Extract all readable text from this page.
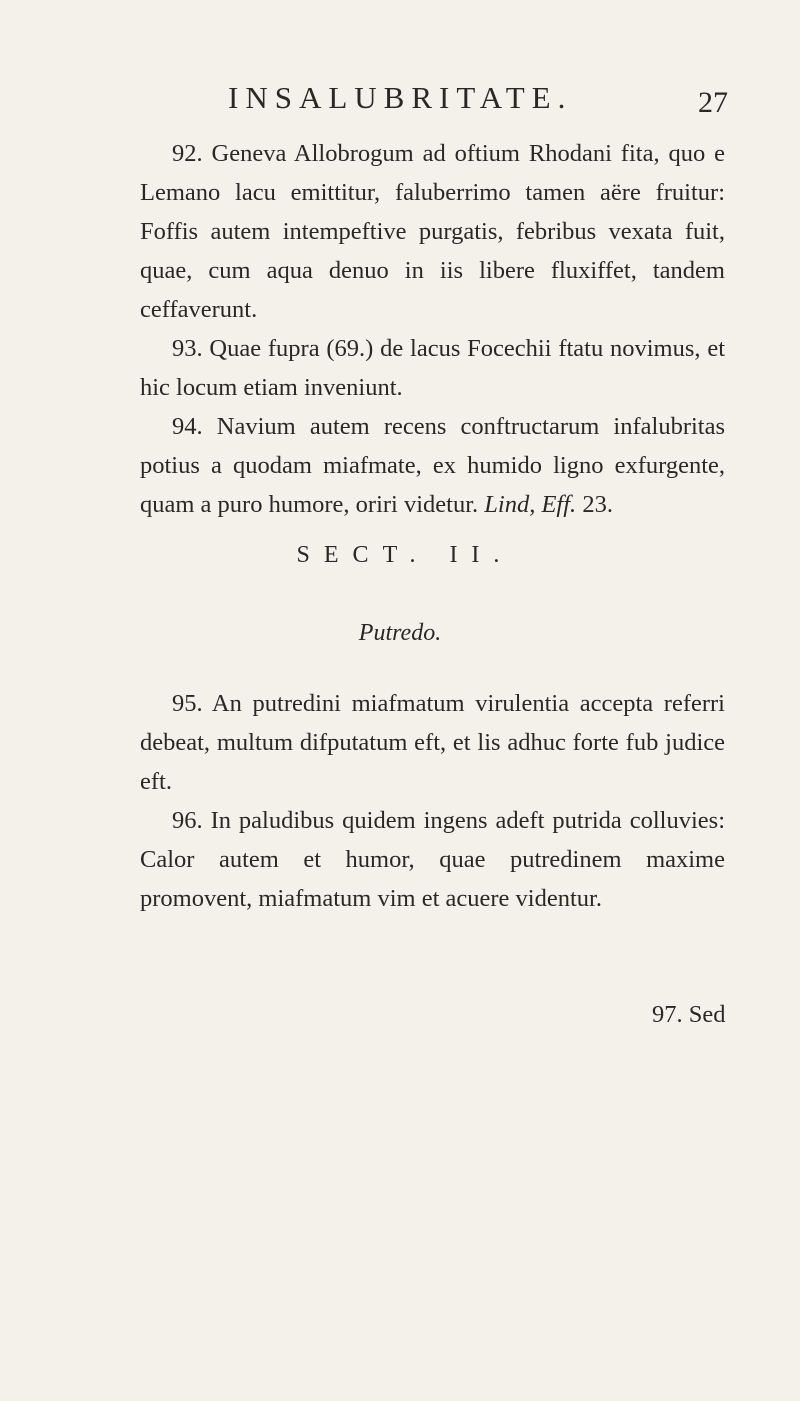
INSALUBRITATE.	27

92. Geneva Allobrogum ad oftium Rhodani fita, quo e Lemano lacu emittitur, faluberrimo tamen aëre fruitur: Foffis autem intempeftive purgatis, febribus vexata fuit, quae, cum aqua denuo in iis libere fluxiffet, tandem ceffaverunt.

93. Quae fupra (69.) de lacus Focechii ftatu novimus, et hic locum etiam inveniunt.

94. Navium autem recens conftructarum infalubritas potius a quodam miafmate, ex humido ligno exfurgente, quam a puro humore, oriri videtur. Lind, Eff. 23.

SECT. II.
Putredo.

95. An putredini miafmatum virulentia accepta referri debeat, multum difputatum eft, et lis adhuc forte fub judice eft.

96. In paludibus quidem ingens adeft putrida colluvies: Calor autem et humor, quae putredinem maxime promovent, miafmatum vim et acuere videntur.

97. Sed
